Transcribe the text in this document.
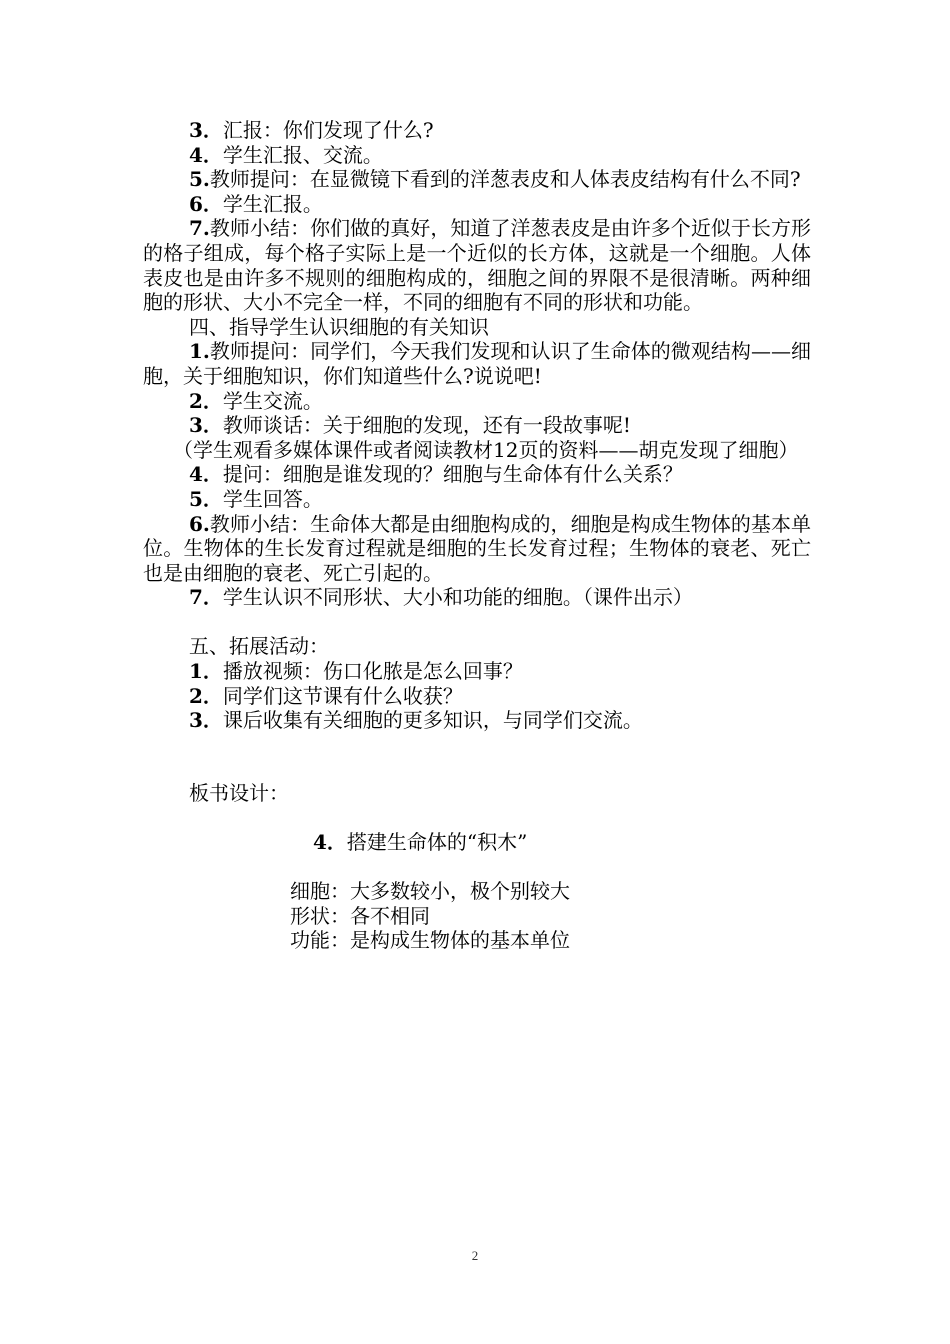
3．汇报：你们发现了什么?

4．学生汇报、交流。

5.教师提问：在显微镜下看到的洋葱表皮和人体表皮结构有什么不同?

6．学生汇报。

7.教师小结：你们做的真好，知道了洋葱表皮是由许多个近似于长方形的格子组成，每个格子实际上是一个近似的长方体，这就是一个细胞。人体表皮也是由许多不规则的细胞构成的，细胞之间的界限不是很清晰。两种细胞的形状、大小不完全一样，不同的细胞有不同的形状和功能。

四、指导学生认识细胞的有关知识

1.教师提问：同学们，今天我们发现和认识了生命体的微观结构——细胞，关于细胞知识，你们知道些什么?说说吧!

2．学生交流。

3．教师谈话：关于细胞的发现，还有一段故事呢!

（学生观看多媒体课件或者阅读教材12页的资料——胡克发现了细胞）

4．提问：细胞是谁发现的？细胞与生命体有什么关系？

5．学生回答。

6.教师小结：生命体大都是由细胞构成的，细胞是构成生物体的基本单位。生物体的生长发育过程就是细胞的生长发育过程；生物体的衰老、死亡也是由细胞的衰老、死亡引起的。

7．学生认识不同形状、大小和功能的细胞。（课件出示）

五、拓展活动：

1．播放视频：伤口化脓是怎么回事？

2．同学们这节课有什么收获？

3．课后收集有关细胞的更多知识，与同学们交流。

板书设计：

4．搭建生命体的“积木”

细胞：大多数较小，极个别较大

形状：各不相同

功能：是构成生物体的基本单位

2
